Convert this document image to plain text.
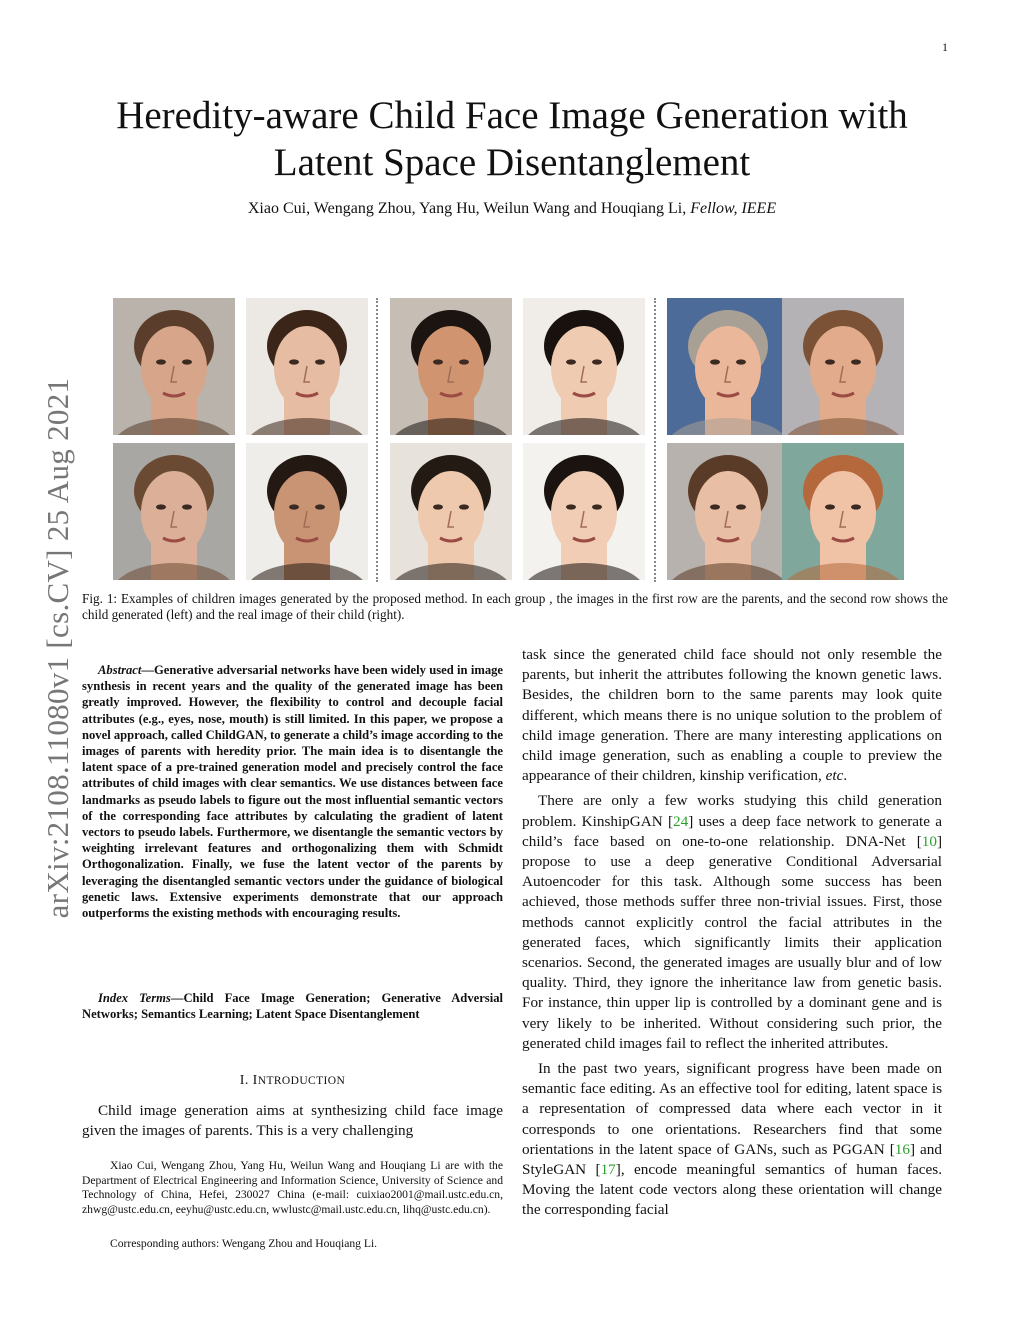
1
arXiv:2108.11080v1 [cs.CV] 25 Aug 2021
Heredity-aware Child Face Image Generation with
Latent Space Disentanglement
Xiao Cui, Wengang Zhou, Yang Hu, Weilun Wang and Houqiang Li, Fellow, IEEE
Fig. 1: Examples of children images generated by the proposed method. In each group , the images in the first row are the parents, and the second row shows the child generated (left) and the real image of their child (right).
Abstract—Generative adversarial networks have been widely used in image synthesis in recent years and the quality of the generated image has been greatly improved. However, the flexibility to control and decouple facial attributes (e.g., eyes, nose, mouth) is still limited. In this paper, we propose a novel approach, called ChildGAN, to generate a child’s image according to the images of parents with heredity prior. The main idea is to disentangle the latent space of a pre-trained generation model and precisely control the face attributes of child images with clear semantics. We use distances between face landmarks as pseudo labels to figure out the most influential semantic vectors of the corresponding face attributes by calculating the gradient of latent vectors to pseudo labels. Furthermore, we disentangle the semantic vectors by weighting irrelevant features and orthogonalizing them with Schmidt Orthogonalization. Finally, we fuse the latent vector of the parents by leveraging the disentangled semantic vectors under the guidance of biological genetic laws. Extensive experiments demonstrate that our approach outperforms the existing methods with encouraging results.
Index Terms—Child Face Image Generation; Generative Adversial Networks; Semantics Learning; Latent Space Disentanglement
I. INTRODUCTION
Child image generation aims at synthesizing child face image given the images of parents. This is a very challenging
Xiao Cui, Wengang Zhou, Yang Hu, Weilun Wang and Houqiang Li are with the Department of Electrical Engineering and Information Science, University of Science and Technology of China, Hefei, 230027 China (e-mail: cuixiao2001@mail.ustc.edu.cn, zhwg@ustc.edu.cn, eeyhu@ustc.edu.cn, wwlustc@mail.ustc.edu.cn, lihq@ustc.edu.cn).
Corresponding authors: Wengang Zhou and Houqiang Li.

task since the generated child face should not only resemble the parents, but inherit the attributes following the known genetic laws. Besides, the children born to the same parents may look quite different, which means there is no unique solution to the problem of child image generation. There are many interesting applications on child image generation, such as enabling a couple to preview the appearance of their children, kinship verification, etc.

There are only a few works studying this child generation problem. KinshipGAN [24] uses a deep face network to generate a child’s face based on one-to-one relationship. DNA-Net [10] propose to use a deep generative Conditional Adversarial Autoencoder for this task. Although some success has been achieved, those methods suffer three non-trivial issues. First, those methods cannot explicitly control the facial attributes in the generated faces, which significantly limits their application scenarios. Second, the generated images are usually blur and of low quality. Third, they ignore the inheritance law from genetic basis. For instance, thin upper lip is controlled by a dominant gene and is very likely to be inherited. Without considering such prior, the generated child images fail to reflect the inherited attributes.

In the past two years, significant progress have been made on semantic face editing. As an effective tool for editing, latent space is a representation of compressed data where each vector in it corresponds to one orientations. Researchers find that some orientations in the latent space of GANs, such as PGGAN [16] and StyleGAN [17], encode meaningful semantics of human faces. Moving the latent code vectors along these orientation will change the corresponding facial
